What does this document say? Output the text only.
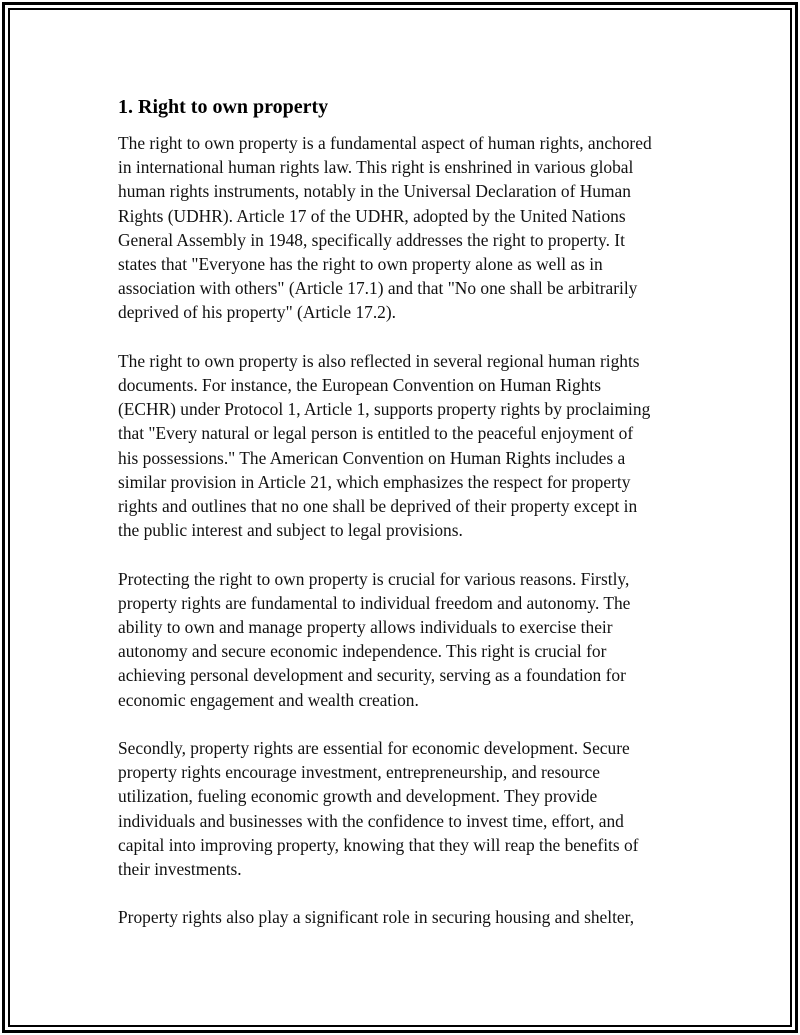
1. Right to own property

The right to own property is a fundamental aspect of human rights, anchored
in international human rights law. This right is enshrined in various global
human rights instruments, notably in the Universal Declaration of Human
Rights (UDHR). Article 17 of the UDHR, adopted by the United Nations
General Assembly in 1948, specifically addresses the right to property. It
states that "Everyone has the right to own property alone as well as in
association with others" (Article 17.1) and that "No one shall be arbitrarily
deprived of his property" (Article 17.2).

The right to own property is also reflected in several regional human rights
documents. For instance, the European Convention on Human Rights
(ECHR) under Protocol 1, Article 1, supports property rights by proclaiming
that "Every natural or legal person is entitled to the peaceful enjoyment of
his possessions." The American Convention on Human Rights includes a
similar provision in Article 21, which emphasizes the respect for property
rights and outlines that no one shall be deprived of their property except in
the public interest and subject to legal provisions.

Protecting the right to own property is crucial for various reasons. Firstly,
property rights are fundamental to individual freedom and autonomy. The
ability to own and manage property allows individuals to exercise their
autonomy and secure economic independence. This right is crucial for
achieving personal development and security, serving as a foundation for
economic engagement and wealth creation.

Secondly, property rights are essential for economic development. Secure
property rights encourage investment, entrepreneurship, and resource
utilization, fueling economic growth and development. They provide
individuals and businesses with the confidence to invest time, effort, and
capital into improving property, knowing that they will reap the benefits of
their investments.

Property rights also play a significant role in securing housing and shelter,
